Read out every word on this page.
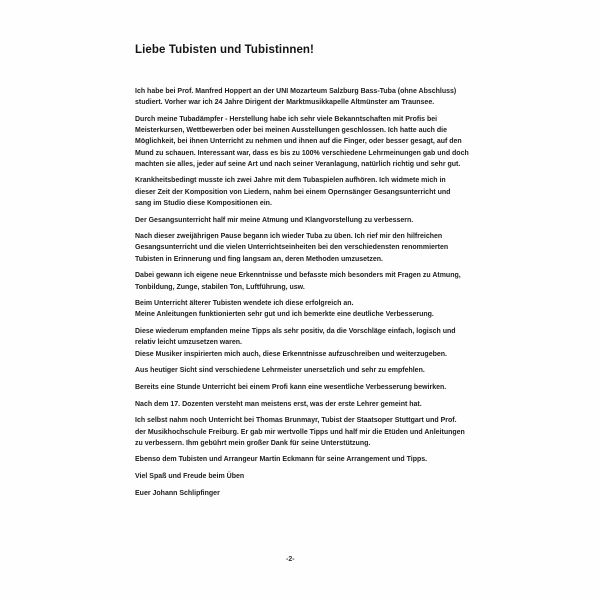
Liebe Tubisten und Tubistinnen!
Ich habe bei Prof. Manfred Hoppert an der UNI Mozarteum Salzburg Bass-Tuba (ohne Abschluss)
studiert. Vorher war ich 24 Jahre Dirigent der Marktmusikkapelle Altmünster am Traunsee.
Durch meine Tubadämpfer - Herstellung habe ich sehr viele Bekanntschaften mit Profis bei
Meisterkursen, Wettbewerben oder bei meinen Ausstellungen geschlossen. Ich hatte auch die
Möglichkeit, bei ihnen Unterricht zu nehmen und ihnen auf die Finger, oder besser gesagt, auf den
Mund zu schauen. Interessant war, dass es bis zu 100% verschiedene Lehrmeinungen gab und doch
machten sie alles, jeder auf seine Art und nach seiner Veranlagung, natürlich richtig und sehr gut.
Krankheitsbedingt musste ich zwei Jahre mit dem Tubaspielen aufhören. Ich widmete mich in
dieser Zeit der Komposition von Liedern, nahm bei einem Opernsänger Gesangsunterricht und
sang im Studio diese Kompositionen ein.
Der Gesangsunterricht half mir meine Atmung und Klangvorstellung zu verbessern.
Nach dieser zweijährigen Pause begann ich wieder Tuba zu üben. Ich rief mir den hilfreichen
Gesangsunterricht und die vielen Unterrichtseinheiten bei den verschiedensten renommierten
Tubisten in Erinnerung und fing langsam an, deren Methoden umzusetzen.
Dabei gewann ich eigene neue Erkenntnisse und befasste mich besonders mit Fragen zu Atmung,
Tonbildung, Zunge, stabilen Ton, Luftführung, usw.
Beim Unterricht älterer Tubisten wendete ich diese erfolgreich an.
Meine Anleitungen funktionierten sehr gut und ich bemerkte eine deutliche Verbesserung.
Diese wiederum empfanden meine Tipps als sehr positiv, da die Vorschläge einfach, logisch und
relativ leicht umzusetzen waren.
Diese Musiker inspirierten mich auch, diese Erkenntnisse aufzuschreiben und weiterzugeben.
Aus heutiger Sicht sind verschiedene Lehrmeister unersetzlich und sehr zu empfehlen.
Bereits eine Stunde Unterricht bei einem Profi kann eine wesentliche Verbesserung bewirken.
Nach dem 17. Dozenten versteht man meistens erst, was der erste Lehrer gemeint hat.
Ich selbst nahm noch Unterricht bei Thomas Brunmayr, Tubist der Staatsoper Stuttgart und Prof.
der Musikhochschule Freiburg. Er gab mir wertvolle Tipps und half mir die Etüden und Anleitungen
zu verbessern. Ihm gebührt mein großer Dank für seine Unterstützung.
Ebenso dem Tubisten und Arrangeur Martin Eckmann für seine Arrangement und Tipps.
Viel Spaß und Freude beim Üben
Euer Johann Schlipfinger
-2-
